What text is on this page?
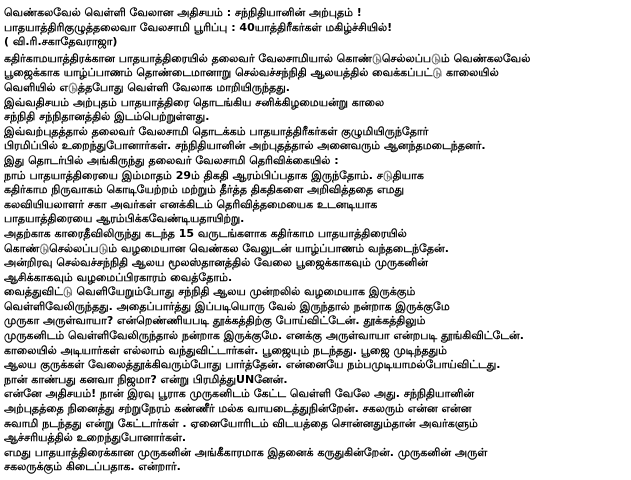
வெண்கலவேல் வெள்ளி வேலான அதிசயம் : சந்நிதியானின் அற்புதம் !
பாதயாத்திரிகுழுத்தலைவா வேலசாமி பூரிப்பு : 40யாத்திரீகர்கள் மகிழ்ச்சியில்!
( வி.ரி.சகாதேவராஜா)
கதிர்காமயாத்திரக்கான பாதயாத்திரையில் தலைவர் வேலசாமியால் கொண்டுசெல்லப்படும் வெண்கலவேல்
பூஜைக்காக யாழ்ப்பாணம் தொண்டைமானாறு செல்வச்சந்நிதி ஆலயத்தில் வைக்கப்பட்டு காலையில்
வெளியில் எடுத்தபோது வெள்ளி வேலாக மாறியிருந்தது.
இவ்வதிசயம் அற்புதம் பாதயாத்திரை தொடங்கிய சனிக்கிழமையன்று காலை
சந்நிதி சந்நிதானத்தில் இடம்பெற்றுள்ளது.
இவ்வற்புதத்தால் தலைவர் வேலசாமி தொடக்கம் பாதயாத்திரீகர்கள் குழுமியிருந்தோர்
பிரமிப்பில் உறைந்துபோனார்கள். சந்நிதியானின் அற்புதத்தால் அனைவரும் ஆனந்தமடைந்தனர்.
இது தொடர்பில் அங்கிருந்து தலைவர் வேலசாமி தெரிவிக்கையில் :
நாம் பாதயாத்திரையை இம்மாதம் 29ம் திகதி ஆரம்பிப்பதாக இருந்தோம். சடுதியாக
கதிர்காம நிருவாகம் கொடியேற்றம் மற்றும் தீர்த்த திகதிகளை அறிவித்ததை எமது
கலவியியலாளர் சகா அவர்கள் எனக்கிடம் தெரிவித்தமையைக உடனடியாக
பாதயாத்திரையை ஆரம்பிக்கவேண்டியதாயிற்று.
அதற்காக காரைதீவிலிருந்து கடந்த 15 வருடங்களாக கதிர்காம பாதயாத்திரையில்
கொண்டுசெல்லப்படும் வழமையான வெண்கல வேலுடன் யாழ்ப்பாணம் வந்தடைந்தேன்.
அன்றிரவு செல்வச்சந்நிதி ஆலய மூலஸ்தானத்தில் வேலை பூஜைக்காகவும் முருகனின்
ஆசிக்காகவும் வழமைப்பிரகாரம் வைத்தோம்.
வைத்துவிட்டு வெளியேறும்போது சந்நிதி ஆலய முன்றலில் வழமையாக இருக்கும்
வெள்ளிவேலிருந்தது. அதைப்பார்த்து இப்படியொரு வேல் இருந்தால் நன்றாக இருக்குமே
முருகா அருள்வாயா? என்றெண்ணியபடி தூக்கத்திற்கு போய்விட்டேன். தூக்கத்திலும்
முருகனிடம் வெள்ளிவேலிருந்தால் நன்றாக இருக்குமே. எனக்கு அருள்வாயா என்றபடி தூங்கிவிட்டேன்.
காலையில் அடியார்கள் எல்லாம் வந்துவிட்டார்கள். பூஜையும் நடந்தது. பூஜை முடிந்ததும்
ஆலய குருக்கள் வேலைத்தூக்கிவரும்போது பார்த்தேன். என்னையே நம்பமுடியாமல்போய்விட்டது.
நான் காண்பது கனவா நிஜமா? என்று பிரமித்துUNனேன்.
என்னே அதிசயம்! நான் இரவு பூராக முருகனிடம் கேட்ட வெள்ளி வேலே அது. சந்நிதியானின்
அற்புதத்தை நினைத்து சற்றுநேரம் கண்ணீர் மல்க வாயடைத்துநின்றேன். சகலரும் என்ன என்ன
சுவாமி நடந்தது என்று கேட்டார்கள் . ஏனையோரிடம் விடயத்தை சொன்னதும்தான் அவர்களும்
ஆச்சரியத்தில் உறைந்துபோனார்கள்.
எமது பாதயாத்திரைக்கான முருகனின் அங்கீகாரமாக இதனைக் கருதுகின்றேன். முருகனின் அருள்
சகலருக்கும் கிடைப்பதாக. என்றார்.
